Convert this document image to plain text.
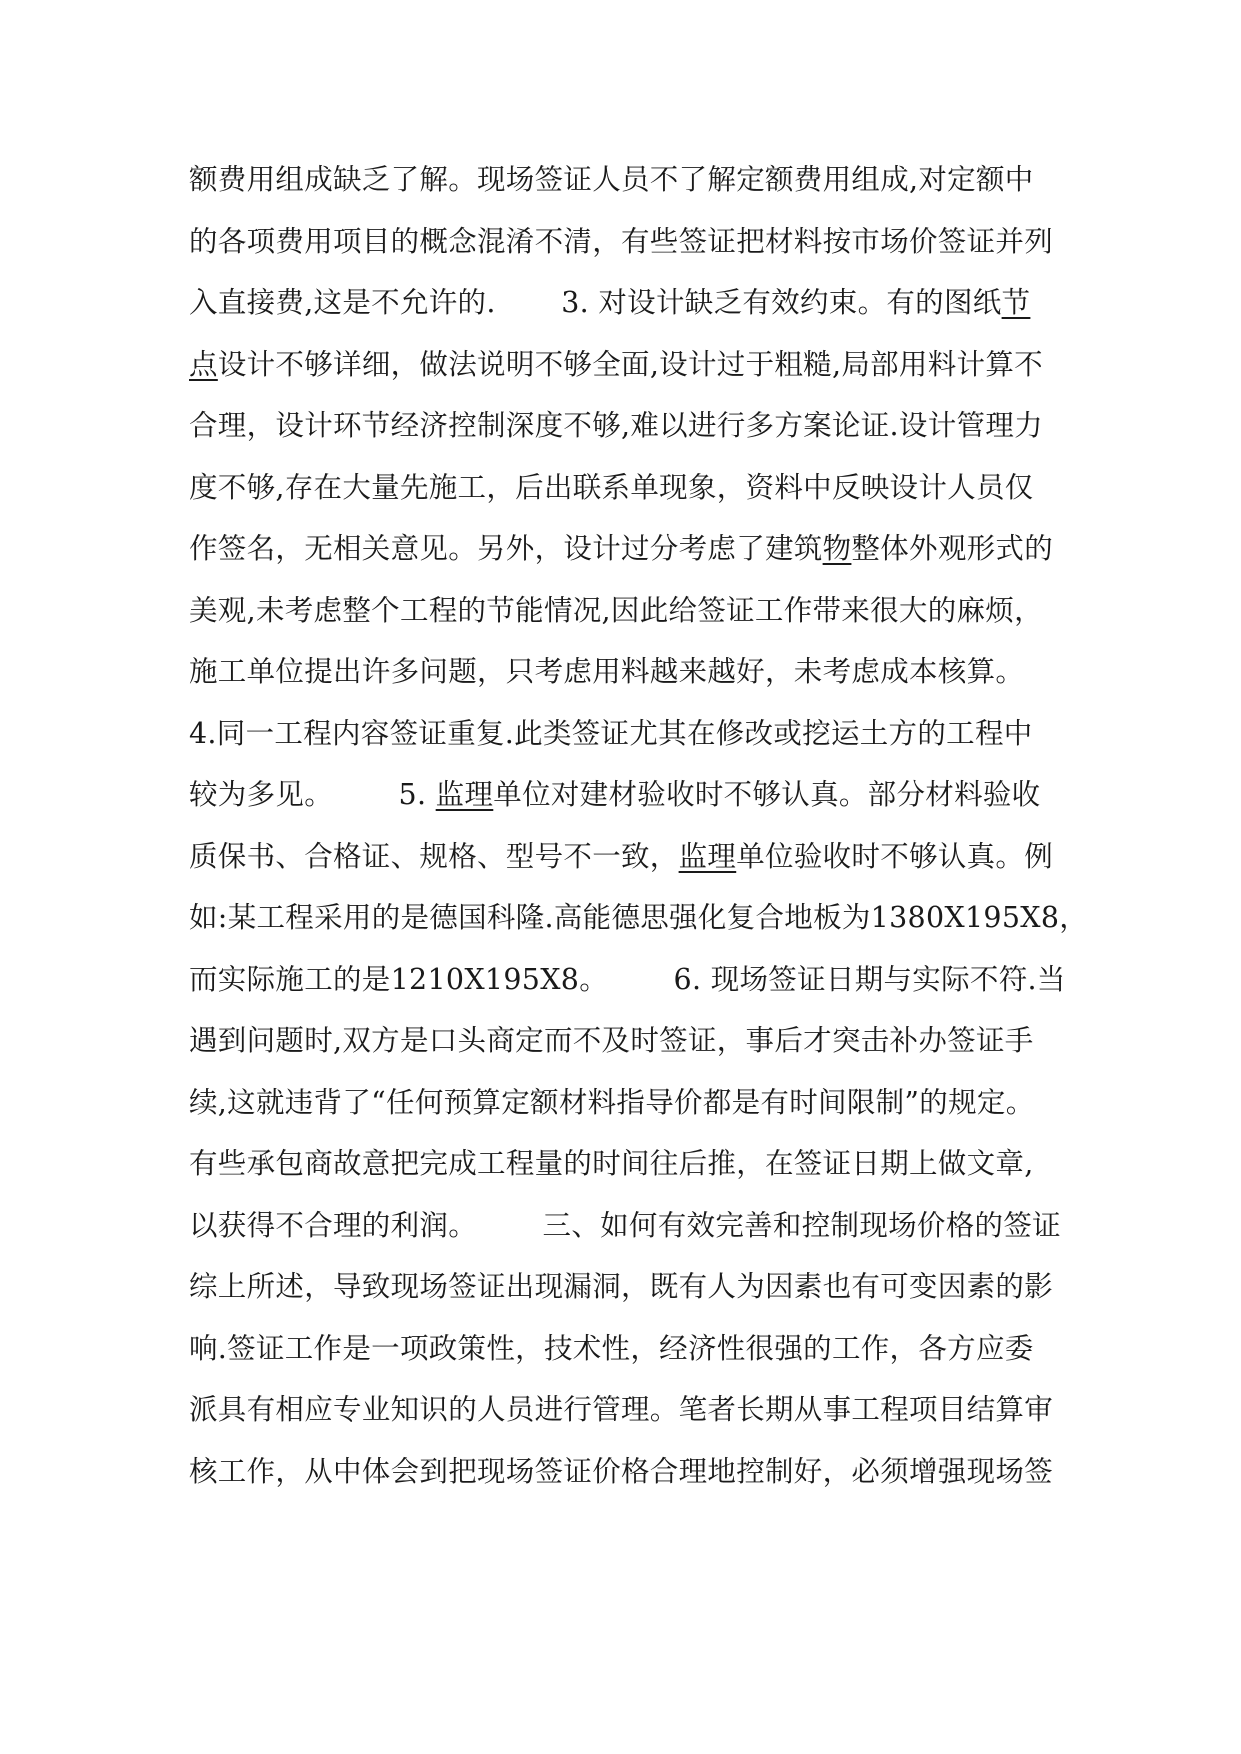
额费用组成缺乏了解。现场签证人员不了解定额费用组成,对定额中
的各项费用项目的概念混淆不清，有些签证把材料按市场价签证并列
入直接费,这是不允许的.       3. 对设计缺乏有效约束。有的图纸节
点设计不够详细，做法说明不够全面,设计过于粗糙,局部用料计算不
合理，设计环节经济控制深度不够,难以进行多方案论证.设计管理力
度不够,存在大量先施工，后出联系单现象，资料中反映设计人员仅
作签名，无相关意见。另外，设计过分考虑了建筑物整体外观形式的
美观,未考虑整个工程的节能情况,因此给签证工作带来很大的麻烦，
施工单位提出许多问题，只考虑用料越来越好，未考虑成本核算。
4.同一工程内容签证重复.此类签证尤其在修改或挖运土方的工程中
较为多见。       5. 监理单位对建材验收时不够认真。部分材料验收
质保书、合格证、规格、型号不一致，监理单位验收时不够认真。例
如:某工程采用的是德国科隆.高能德思强化复合地板为1380X195X8，
而实际施工的是1210X195X8。       6. 现场签证日期与实际不符.当
遇到问题时,双方是口头商定而不及时签证，事后才突击补办签证手
续,这就违背了“任何预算定额材料指导价都是有时间限制”的规定。
有些承包商故意把完成工程量的时间往后推，在签证日期上做文章,
以获得不合理的利润。       三、如何有效完善和控制现场价格的签证
综上所述，导致现场签证出现漏洞，既有人为因素也有可变因素的影
响.签证工作是一项政策性，技术性，经济性很强的工作，各方应委
派具有相应专业知识的人员进行管理。笔者长期从事工程项目结算审
核工作，从中体会到把现场签证价格合理地控制好，必须增强现场签
